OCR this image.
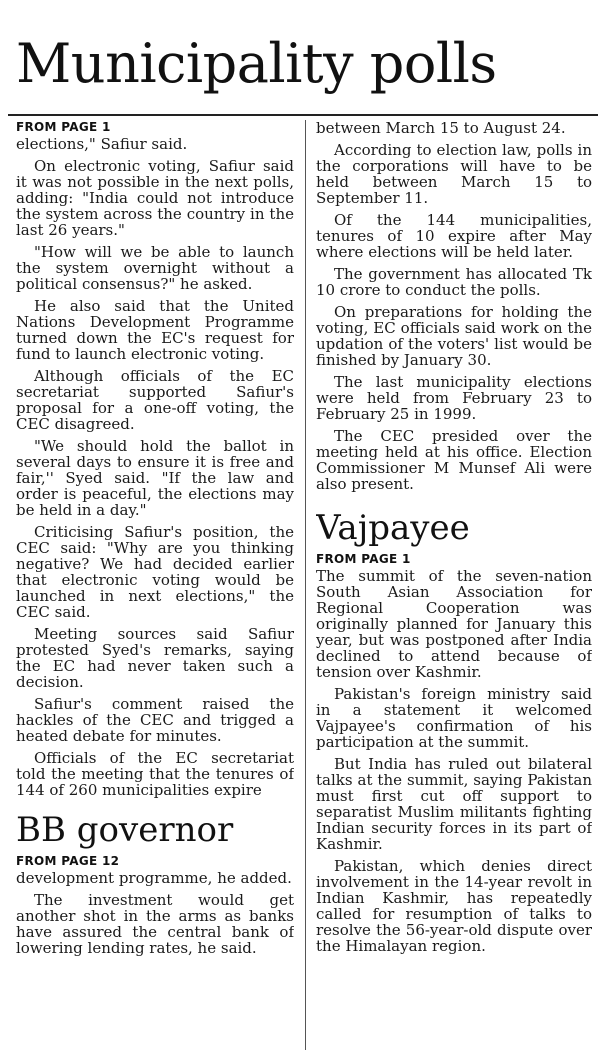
Municipality polls
FROM PAGE 1

elections," Safiur said.

On electronic voting, Safiur said it was not possible in the next polls, adding: "India could not introduce the system across the country in the last 26 years."

"How will we be able to launch the system overnight without a political consensus?" he asked.

He also said that the United Nations Development Programme turned down the EC's request for fund to launch electronic voting.

Although officials of the EC secretariat supported Safiur's proposal for a one-off voting, the CEC disagreed.

"We should hold the ballot in several days to ensure it is free and fair,'' Syed said. "If the law and order is peaceful, the elections may be held in a day."

Criticising Safiur's position, the CEC said: "Why are you thinking negative? We had decided earlier that electronic voting would be launched in next elections," the CEC said.

Meeting sources said Safiur protested Syed's remarks, saying the EC had never taken such a decision.

Safiur's comment raised the hackles of the CEC and trigged a heated debate for minutes.

Officials of the EC secretariat told the meeting that the tenures of 144 of 260 municipalities expire

BB governor
FROM PAGE 12

development programme, he added.

The investment would get another shot in the arms as banks have assured the central bank of lowering lending rates, he said.

between March 15 to August 24.

According to election law, polls in the corporations will have to be held between March 15 to September 11.

Of the 144 municipalities, tenures of 10 expire after May where elections will be held later.

The government has allocated Tk 10 crore to conduct the polls.

On preparations for holding the voting, EC officials said work on the updation of the voters' list would be finished by January 30.

The last municipality elections were held from February 23 to February 25 in 1999.

The CEC presided over the meeting held at his office. Election Commissioner M Munsef Ali were also present.

Vajpayee
FROM PAGE 1

The summit of the seven-nation South Asian Association for Regional Cooperation was originally planned for January this year, but was postponed after India declined to attend because of tension over Kashmir.

Pakistan's foreign ministry said in a statement it welcomed Vajpayee's confirmation of his participation at the summit.

But India has ruled out bilateral talks at the summit, saying Pakistan must first cut off support to separatist Muslim militants fighting Indian security forces in its part of Kashmir.

Pakistan, which denies direct involvement in the 14-year revolt in Indian Kashmir, has repeatedly called for resumption of talks to resolve the 56-year-old dispute over the Himalayan region.
